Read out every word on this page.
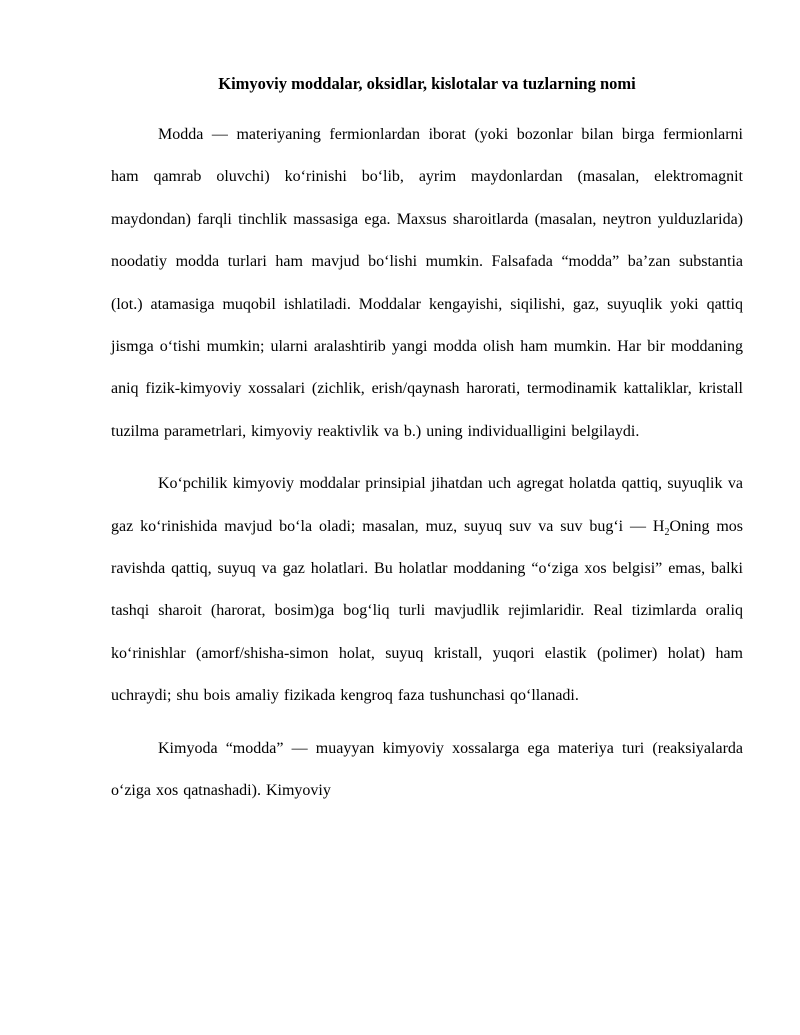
Kimyoviy moddalar, oksidlar, kislotalar va tuzlarning nomi

Modda — materiyaning fermionlardan iborat (yoki bozonlar bilan birga fermionlarni ham qamrab oluvchi) ko‘rinishi bo‘lib, ayrim maydonlardan (masalan, elektromagnit maydondan) farqli tinchlik massasiga ega. Maxsus sharoitlarda (masalan, neytron yulduzlarida) noodatiy modda turlari ham mavjud bo‘lishi mumkin. Falsafada “modda” ba’zan substantia (lot.) atamasiga muqobil ishlatiladi. Moddalar kengayishi, siqilishi, gaz, suyuqlik yoki qattiq jismga o‘tishi mumkin; ularni aralashtirib yangi modda olish ham mumkin. Har bir moddaning aniq fizik-kimyoviy xossalari (zichlik, erish/qaynash harorati, termodinamik kattaliklar, kristall tuzilma parametrlari, kimyoviy reaktivlik va b.) uning individualligini belgilaydi.

Ko‘pchilik kimyoviy moddalar prinsipial jihatdan uch agregat holatda qattiq, suyuqlik va gaz ko‘rinishida mavjud bo‘la oladi; masalan, muz, suyuq suv va suv bug‘i — $H_2Oning$ mos ravishda qattiq, suyuq va gaz holatlari. Bu holatlar moddaning “o‘ziga xos belgisi” emas, balki tashqi sharoit (harorat, bosim)ga bog‘liq turli mavjudlik rejimlaridir. Real tizimlarda oraliq ko‘rinishlar (amorf/shisha-simon holat, suyuq kristall, yuqori elastik (polimer) holat) ham uchraydi; shu bois amaliy fizikada kengroq faza tushunchasi qo‘llanadi.

Kimyoda “modda” — muayyan kimyoviy xossalarga ega materiya turi (reaksiyalarda o‘ziga xos qatnashadi). Kimyoviy
